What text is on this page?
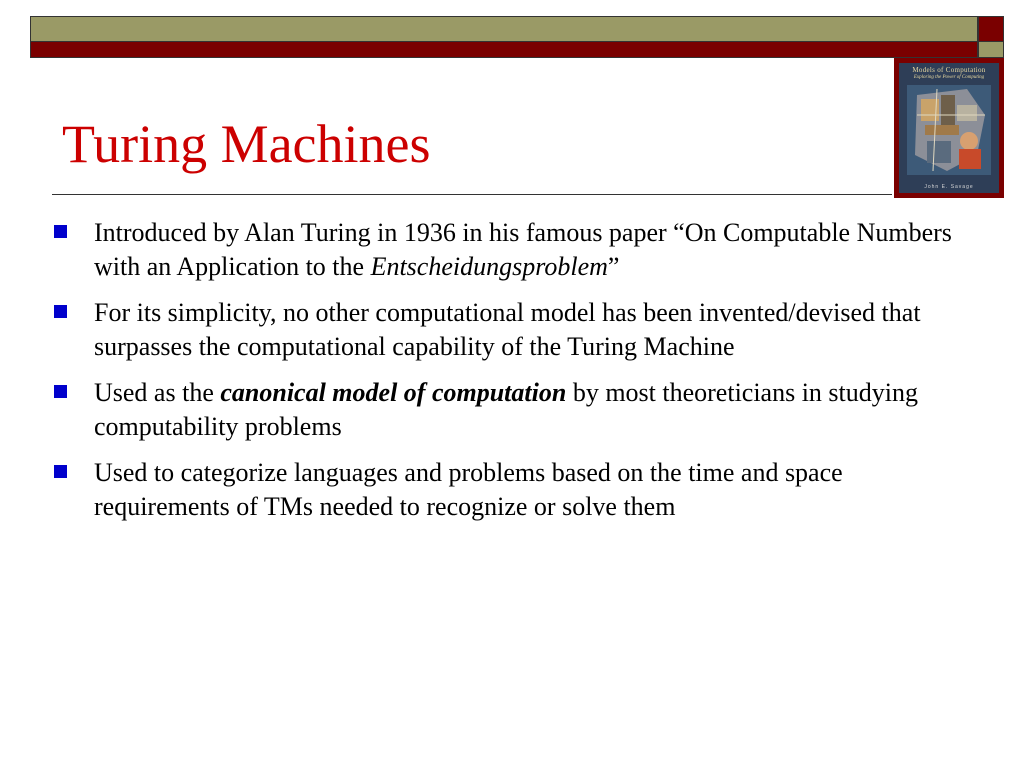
Models of Computation
Exploring the Power of Computing
John E. Savage
Turing Machines
Introduced by Alan Turing in 1936 in his famous paper “On Computable Numbers with an Application to the Entscheidungsproblem”
For its simplicity, no other computational model has been invented/devised that surpasses the computational capability of the Turing Machine
Used as the canonical model of computation by most theoreticians in studying computability problems
Used to categorize languages and problems based on the time and space requirements of TMs needed to recognize or solve them
